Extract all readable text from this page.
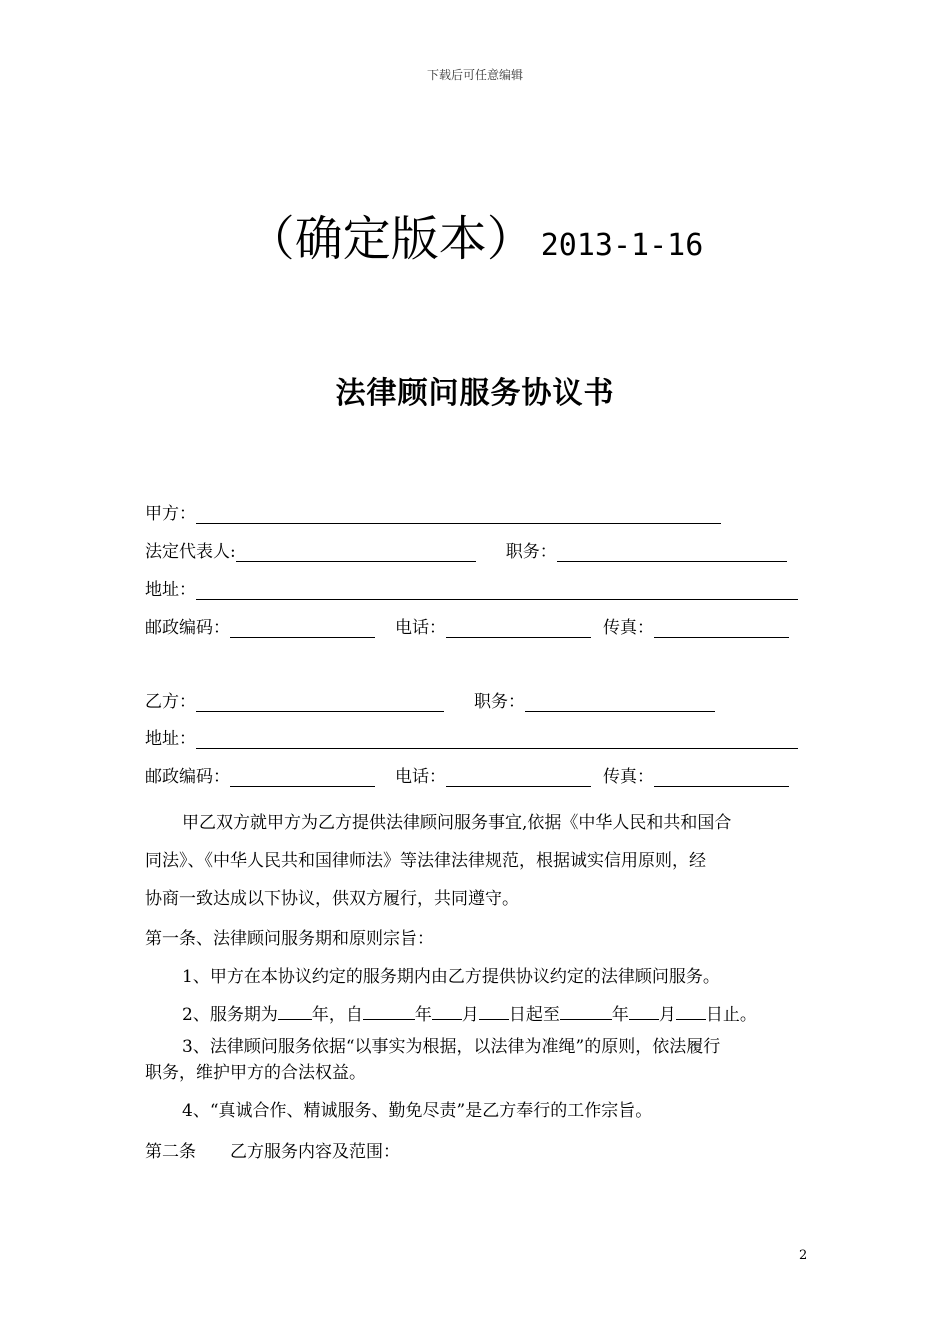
下载后可任意编辑
（确定版本） 2013-1-16
法律顾问服务协议书
甲方：
法定代表人:	职务：
地址：
邮政编码：	电话：	传真：
乙方：	职务：
地址：
邮政编码：	电话：	传真：
甲乙双方就甲方为乙方提供法律顾问服务事宜,依据《中华人民和共和国合
同法》、《中华人民共和国律师法》等法律法律规范，根据诚实信用原则，经
协商一致达成以下协议，供双方履行，共同遵守。
第一条、法律顾问服务期和原则宗旨：
1、甲方在本协议约定的服务期内由乙方提供协议约定的法律顾问服务。
2、服务期为 年，自	年 月 日起至	年 月 日止。
3、法律顾问服务依据“以事实为根据，以法律为准绳”的原则，依法履行
职务，维护甲方的合法权益。
4、“真诚合作、精诚服务、勤免尽责”是乙方奉行的工作宗旨。
第二条　　乙方服务内容及范围：
2
